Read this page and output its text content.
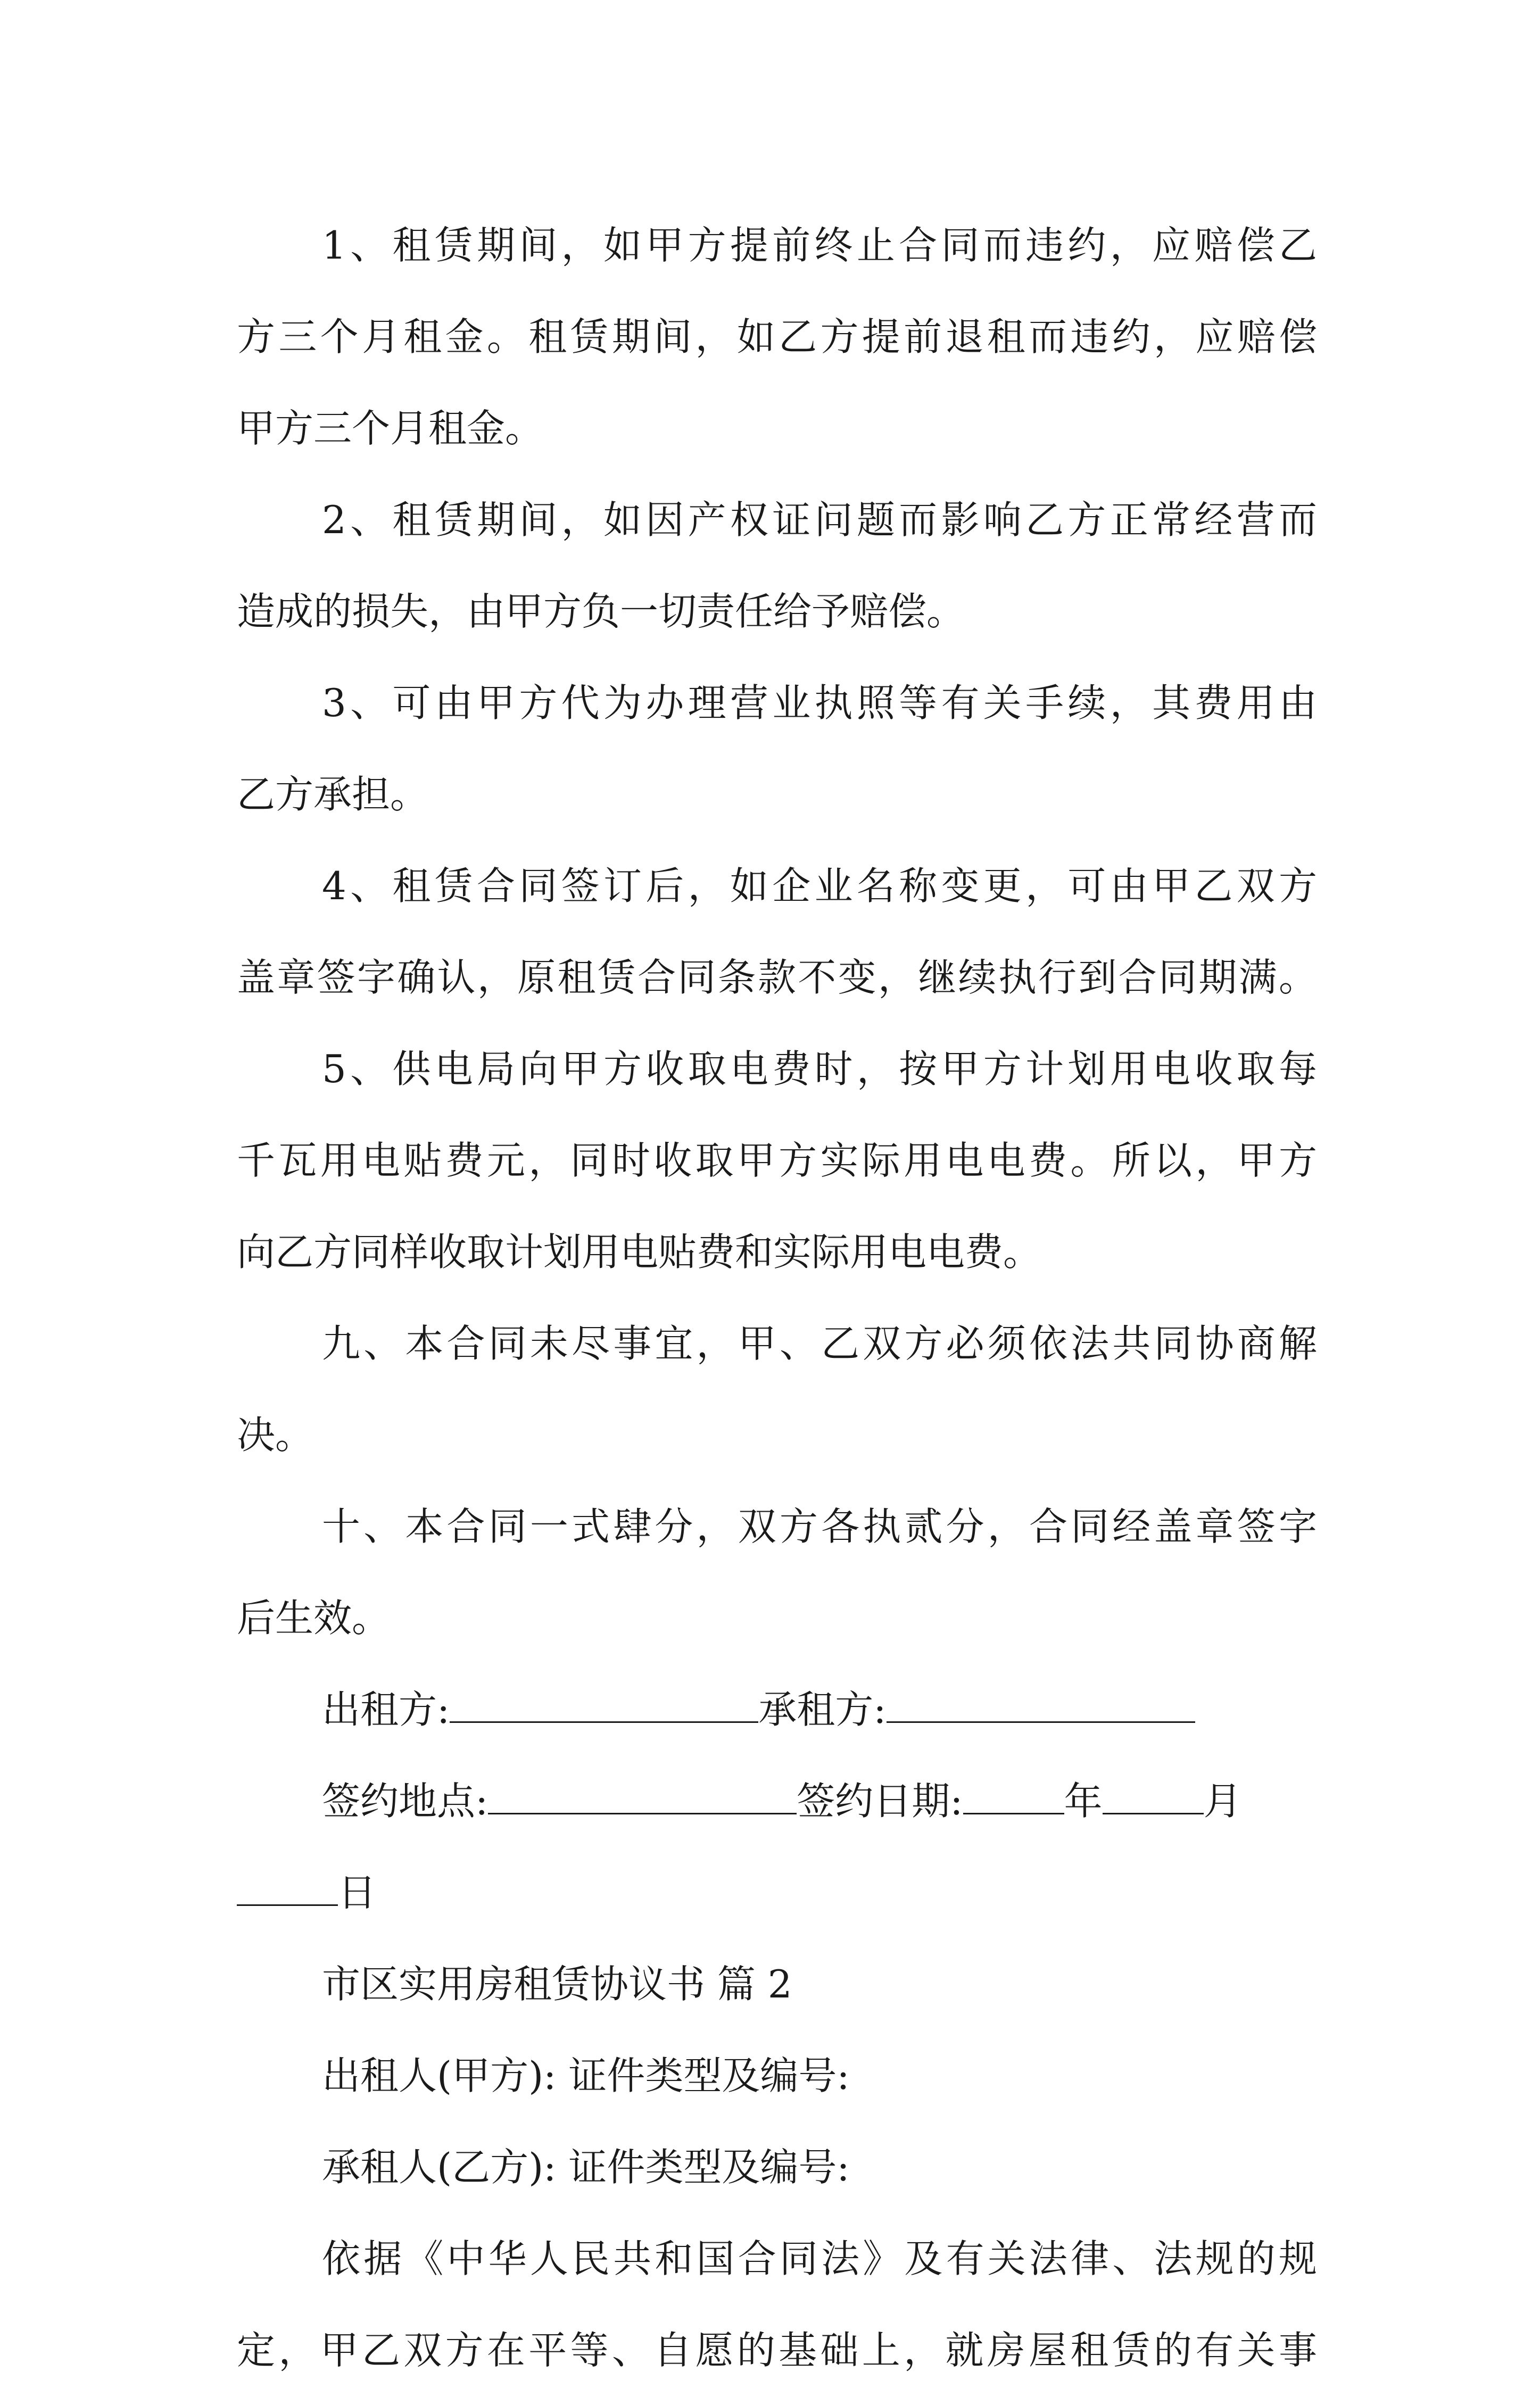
1、租赁期间，如甲方提前终止合同而违约，应赔偿乙
方三个月租金。租赁期间，如乙方提前退租而违约，应赔偿
甲方三个月租金。
2、租赁期间，如因产权证问题而影响乙方正常经营而
造成的损失，由甲方负一切责任给予赔偿。
3、可由甲方代为办理营业执照等有关手续，其费用由
乙方承担。
4、租赁合同签订后，如企业名称变更，可由甲乙双方
盖章签字确认，原租赁合同条款不变，继续执行到合同期满。
5、供电局向甲方收取电费时，按甲方计划用电收取每
千瓦用电贴费元，同时收取甲方实际用电电费。所以，甲方
向乙方同样收取计划用电贴费和实际用电电费。
九、本合同未尽事宜，甲、乙双方必须依法共同协商解
决。
十、本合同一式肆分，双方各执贰分，合同经盖章签字
后生效。
出租方:	承租方:
签约地点:	签约日期:	年	月
日
市区实用房租赁协议书 篇 2
出租人(甲方): 证件类型及编号:
承租人(乙方): 证件类型及编号:
依据《中华人民共和国合同法》及有关法律、法规的规
定，甲乙双方在平等、自愿的基础上，就房屋租赁的有关事
